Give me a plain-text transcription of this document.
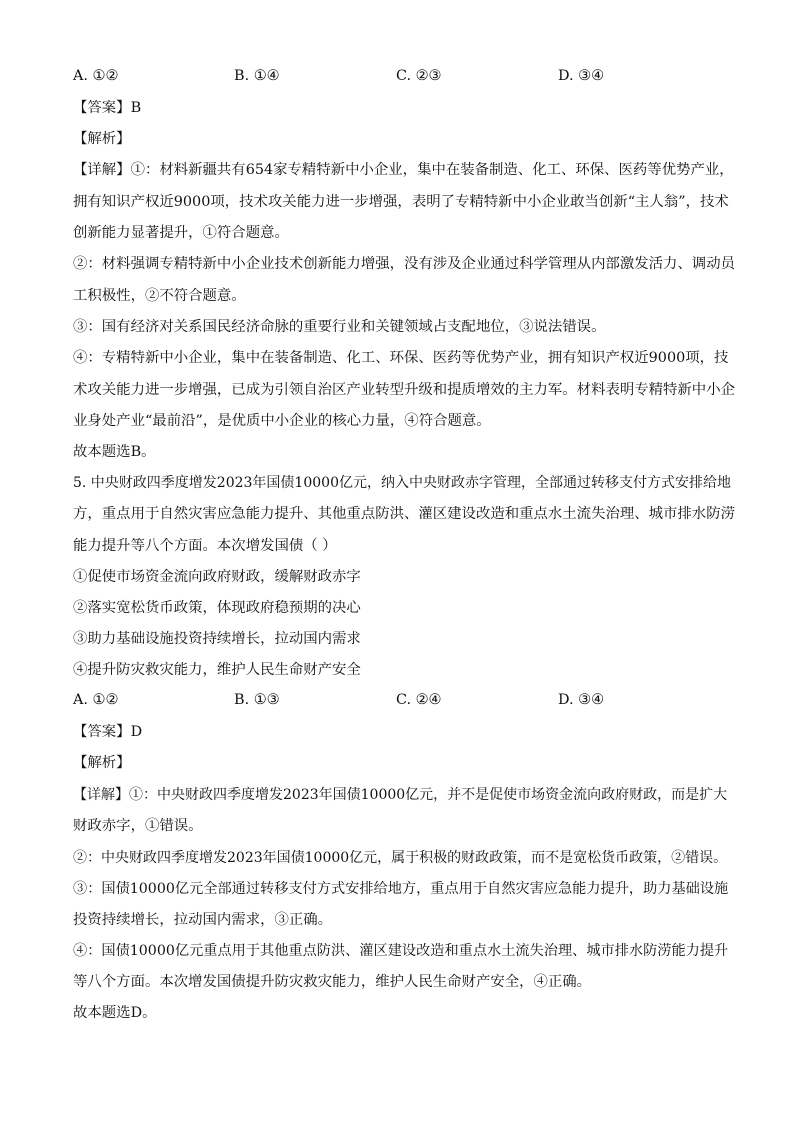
A. ①②	B. ①④	C. ②③	D. ③④
【答案】B
【解析】
【详解】①：材料新疆共有654家专精特新中小企业，集中在装备制造、化工、环保、医药等优势产业，
拥有知识产权近9000项，技术攻关能力进一步增强，表明了专精特新中小企业敢当创新“主人翁”，技术
创新能力显著提升，①符合题意。
②：材料强调专精特新中小企业技术创新能力增强，没有涉及企业通过科学管理从内部激发活力、调动员
工积极性，②不符合题意。
③：国有经济对关系国民经济命脉的重要行业和关键领域占支配地位，③说法错误。
④：专精特新中小企业，集中在装备制造、化工、环保、医药等优势产业，拥有知识产权近9000项，技
术攻关能力进一步增强，已成为引领自治区产业转型升级和提质增效的主力军。材料表明专精特新中小企
业身处产业“最前沿”，是优质中小企业的核心力量，④符合题意。
故本题选B。
5. 中央财政四季度增发2023年国债10000亿元，纳入中央财政赤字管理，全部通过转移支付方式安排给地
方，重点用于自然灾害应急能力提升、其他重点防洪、灌区建设改造和重点水土流失治理、城市排水防涝
能力提升等八个方面。本次增发国债（ ）
①促使市场资金流向政府财政，缓解财政赤字
②落实宽松货币政策，体现政府稳预期的决心
③助力基础设施投资持续增长，拉动国内需求
④提升防灾救灾能力，维护人民生命财产安全
A. ①②	B. ①③	C. ②④	D. ③④
【答案】D
【解析】
【详解】①：中央财政四季度增发2023年国债10000亿元，并不是促使市场资金流向政府财政，而是扩大
财政赤字，①错误。
②：中央财政四季度增发2023年国债10000亿元，属于积极的财政政策，而不是宽松货币政策，②错误。
③：国债10000亿元全部通过转移支付方式安排给地方，重点用于自然灾害应急能力提升，助力基础设施
投资持续增长，拉动国内需求，③正确。
④：国债10000亿元重点用于其他重点防洪、灌区建设改造和重点水土流失治理、城市排水防涝能力提升
等八个方面。本次增发国债提升防灾救灾能力，维护人民生命财产安全，④正确。
故本题选D。
